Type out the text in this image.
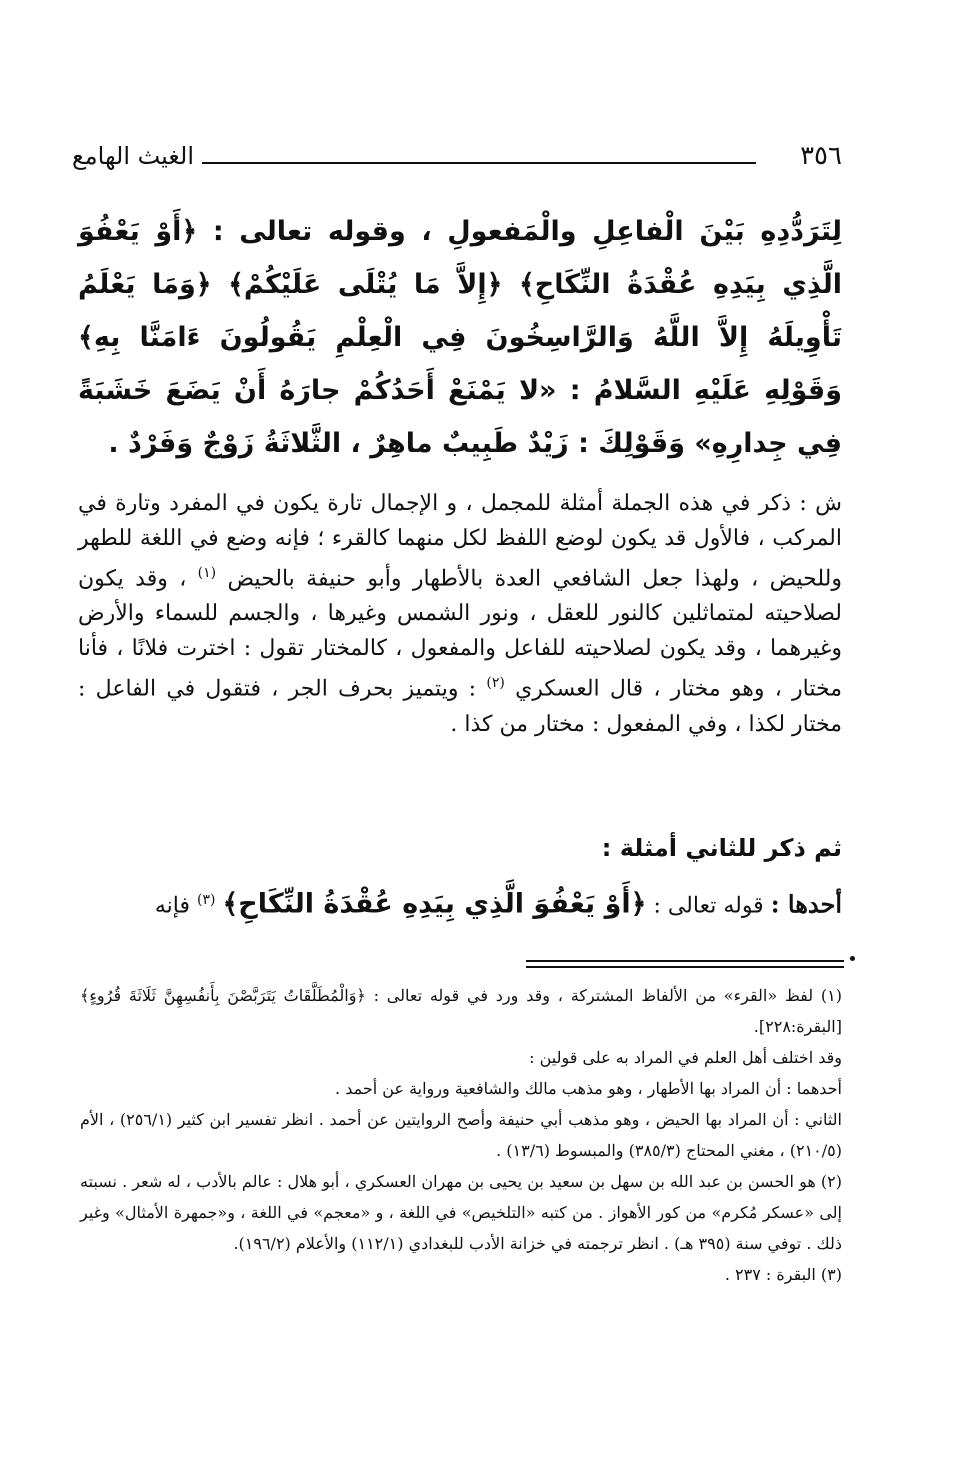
٣٥٦
الغيث الهامع
لِتَرَدُّدِهِ بَيْنَ الْفاعِلِ والْمَفعولِ ، وقوله تعالى : ﴿أَوْ يَعْفُوَ الَّذِي بِيَدِهِ عُقْدَةُ النِّكَاحِ﴾ ﴿إِلاَّ مَا يُتْلَى عَلَيْكُمْ﴾ ﴿وَمَا يَعْلَمُ تَأْوِيلَهُ إِلاَّ اللَّهُ وَالرَّاسِخُونَ فِي الْعِلْمِ يَقُولُونَ ءَامَنَّا بِهِ﴾ وَقَوْلِهِ عَلَيْهِ السَّلامُ : «لا يَمْنَعْ أَحَدُكُمْ جارَهُ أَنْ يَضَعَ خَشَبَةً فِي جِدارِهِ» وَقَوْلِكَ : زَيْدٌ طَبِيبٌ ماهِرٌ ، الثَّلاثَةُ زَوْجٌ وَفَرْدٌ .

ش : ذكر في هذه الجملة أمثلة للمجمل ، و الإجمال تارة يكون في المفرد وتارة في المركب ، فالأول قد يكون لوضع اللفظ لكل منهما كالقرء ؛ فإنه وضع في اللغة للطهر وللحيض ، ولهذا جعل الشافعي العدة بالأطهار وأبو حنيفة بالحيض $^{(١)}$ ، وقد يكون لصلاحيته لمتماثلين كالنور للعقل ، ونور الشمس وغيرها ، والجسم للسماء والأرض وغيرهما ، وقد يكون لصلاحيته للفاعل والمفعول ، كالمختار تقول : اخترت فلانًا ، فأنا مختار ، وهو مختار ، قال العسكري $^{(٢)}$ : ويتميز بحرف الجر ، فتقول في الفاعل : مختار لكذا ، وفي المفعول : مختار من كذا .

ثم ذكر للثاني أمثلة :
أحدها : قوله تعالى : ﴿أَوْ يَعْفُوَ الَّذِي بِيَدِهِ عُقْدَةُ النِّكَاحِ﴾ $^{(٣)}$ فإنه

(١) لفظ «القرء» من الألفاظ المشتركة ، وقد ورد في قوله تعالى : ﴿وَالْمُطَلَّقَاتُ يَتَرَبَّصْنَ بِأَنفُسِهِنَّ ثَلَاثَةَ قُرُوءٍ﴾ [البقرة:٢٢٨].

وقد اختلف أهل العلم في المراد به على قولين :

أحدهما : أن المراد بها الأطهار ، وهو مذهب مالك والشافعية ورواية عن أحمد .

الثاني : أن المراد بها الحيض ، وهو مذهب أبي حنيفة وأصح الروايتين عن أحمد . انظر تفسير ابن كثير (٢٥٦/١) ، الأم (٢١٠/٥) ، مغني المحتاج (٣٨٥/٣) والمبسوط (١٣/٦) .

(٢) هو الحسن بن عبد الله بن سهل بن سعيد بن يحيى بن مهران العسكري ، أبو هلال : عالم بالأدب ، له شعر . نسبته إلى «عسكر مُكرم» من كور الأهواز . من كتبه «التلخيص» في اللغة ، و «معجم» في اللغة ، و«جمهرة الأمثال» وغير ذلك . توفي سنة (٣٩٥ هـ) . انظر ترجمته في خزانة الأدب للبغدادي (١١٢/١) والأعلام (١٩٦/٢).

(٣) البقرة : ٢٣٧ .
